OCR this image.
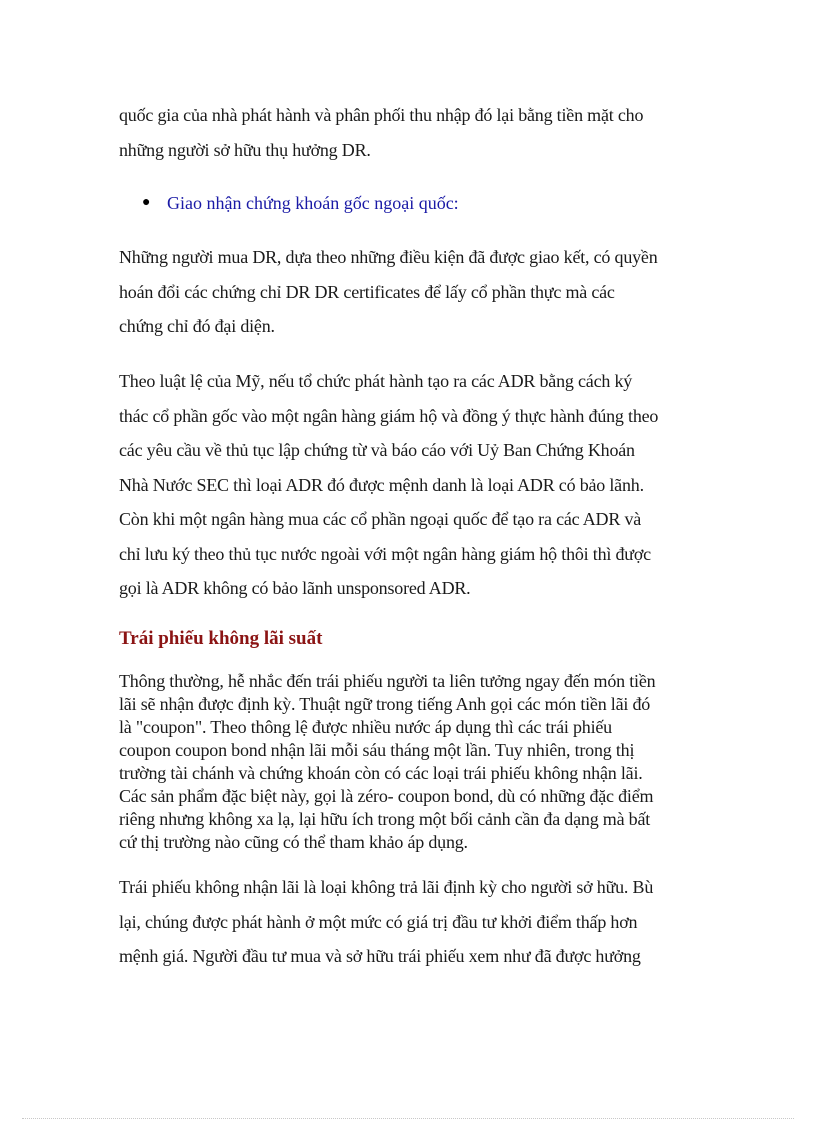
quốc gia của nhà phát hành và phân phối thu nhập đó lại bằng tiền mặt cho
những người sở hữu thụ hưởng DR.

● Giao nhận chứng khoán gốc ngoại quốc:

Những người mua DR, dựa theo những điều kiện đã được giao kết, có quyền
hoán đổi các chứng chỉ DR DR certificates để lấy cổ phần thực mà các
chứng chỉ đó đại diện.

Theo luật lệ của Mỹ, nếu tổ chức phát hành tạo ra các ADR bằng cách ký
thác cổ phần gốc vào một ngân hàng giám hộ và đồng ý thực hành đúng theo
các yêu cầu về thủ tục lập chứng từ và báo cáo với Uỷ Ban Chứng Khoán
Nhà Nước SEC thì loại ADR đó được mệnh danh là loại ADR có bảo lãnh.
Còn khi một ngân hàng mua các cổ phần ngoại quốc để tạo ra các ADR và
chỉ lưu ký theo thủ tục nước ngoài với một ngân hàng giám hộ thôi thì được
gọi là ADR không có bảo lãnh unsponsored ADR.

Trái phiếu không lãi suất

Thông thường, hễ nhắc đến trái phiếu người ta liên tưởng ngay đến món tiền
lãi sẽ nhận được định kỳ. Thuật ngữ trong tiếng Anh gọi các món tiền lãi đó
là "coupon". Theo thông lệ được nhiều nước áp dụng thì các trái phiếu
coupon coupon bond nhận lãi mỗi sáu tháng một lần. Tuy nhiên, trong thị
trường tài chánh và chứng khoán còn có các loại trái phiếu không nhận lãi.
Các sản phẩm đặc biệt này, gọi là zéro- coupon bond, dù có những đặc điểm
riêng nhưng không xa lạ, lại hữu ích trong một bối cảnh cần đa dạng mà bất
cứ thị trường nào cũng có thể tham khảo áp dụng.

Trái phiếu không nhận lãi là loại không trả lãi định kỳ cho người sở hữu. Bù
lại, chúng được phát hành ở một mức có giá trị đầu tư khởi điểm thấp hơn
mệnh giá. Người đầu tư mua và sở hữu trái phiếu xem như đã được hưởng
